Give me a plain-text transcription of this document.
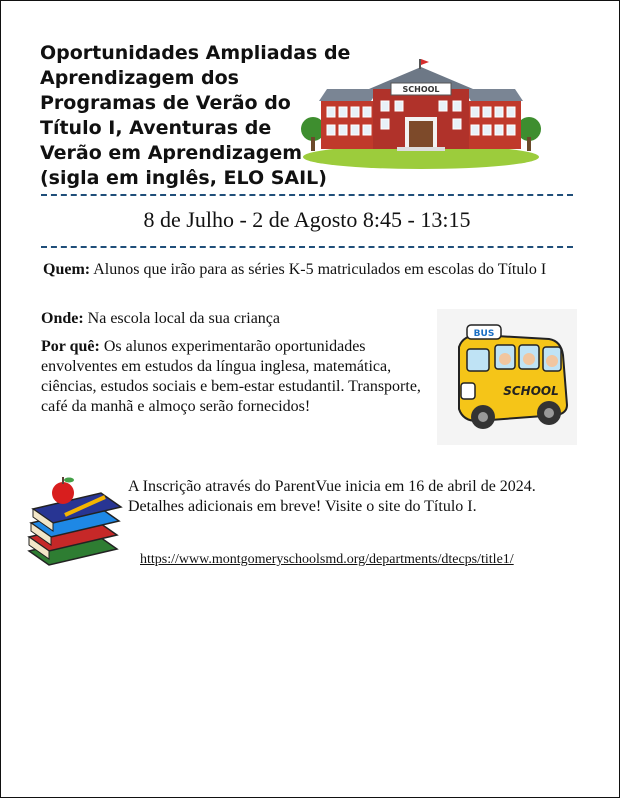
Oportunidades Ampliadas de Aprendizagem dos
Programas de Verão do
Título I, Aventuras de
Verão em Aprendizagem
(sigla em inglês, ELO SAIL)
SCHOOL
8 de Julho - 2 de Agosto 8:45 - 13:15
Quem: Alunos que irão para as séries K-5 matriculados em escolas do Título I
Onde: Na escola local da sua criança
Por quê: Os alunos experimentarão oportunidades envolventes em estudos da língua inglesa, matemática, ciências, estudos sociais e bem-estar estudantil. Transporte, café da manhã e almoço serão fornecidos!
BUS
SCHOOL
A Inscrição através do ParentVue inicia em 16 de abril de 2024. Detalhes adicionais em breve! Visite o site do Título I.
https://www.montgomeryschoolsmd.org/departments/dtecps/title1/
